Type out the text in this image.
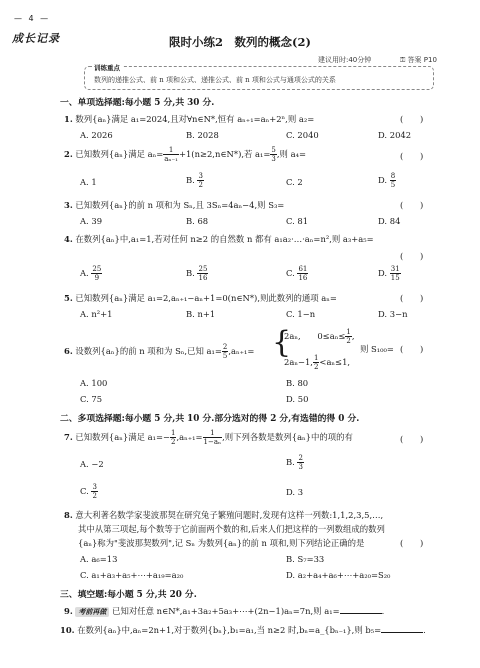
— 4 —
成长记录	限时小练2　数列的概念(2)
建议用时:40分钟	⚿ 答案 P10
训练重点
数列的递推公式、前 n 项和公式、递推公式、前 n 项和公式与通项公式的关系
一、单项选择题:每小题 5 分,共 30 分.
1. 数列{aₙ}满足 a₁=2024,且对∀n∈N*,恒有 aₙ₊₁=aₙ+2ⁿ,则 a₂=	(　　)
A. 2026	B. 2028	C. 2040	D. 2042
2. 已知数列{aₙ}满足 $a_n= \frac{1}{\text{aₙ₋₁}}$ +1(n≥2,n∈N*),若 $a_1= \frac{5}{3}$ ,则 a₄=	(　　)
A. 1	B. $\frac{3}{2}$	C. 2	D. $\frac{8}{5}$
3. 已知数列{aₙ}的前 n 项和为 Sₙ,且 3Sₙ=4aₙ−4,则 S₃=	(　　)
A. 39	B. 68	C. 81	D. 84
4. 在数列{aₙ}中,a₁=1,若对任何 n≥2 的自然数 n 都有 a₁a₂·…·aₙ=n²,则 a₃+a₅=
(　　)
A. $\frac{25}{9}$	B. $\frac{25}{16}$	C. $\frac{61}{16}$	D. $\frac{31}{15}$
5. 已知数列{aₙ}满足 a₁=2,aₙ₊₁−aₙ+1=0(n∈N*),则此数列的通项 aₙ=	(　　)
A. n²+1	B. n+1	C. 1−n	D. 3−n
6. 设数列{aₙ}的前 n 项和为 Sₙ,已知 $a_1= \frac{2}{5} ,a_{n+1}=$ {
2aₙ,　　$0\le a_n\le \frac{1}{2}$ ,
2aₙ−1, $\frac{1}{2} <a_n\le 1$,
则 S₁₀₀= (　　)
A. 100	B. 80
C. 75	D. 50
二、多项选择题:每小题 5 分,共 10 分.部分选对的得 2 分,有选错的得 0 分.
7. 已知数列{aₙ}满足 $a_1=- \frac{1}{2} ,a_{n+1}= \frac{1}{\text{1−aₙ}}$ ,则下列各数是数列{aₙ}中的项的有	(　　)
A. −2	B. $\frac{2}{3}$
C. $\frac{3}{2}$	D. 3
8. 意大利著名数学家斐波那契在研究兔子繁殖问题时,发现有这样一列数:1,1,2,3,5,…,
其中从第三项起,每个数等于它前面两个数的和,后来人们把这样的一列数组成的数列
{aₙ}称为"斐波那契数列",记 Sₙ 为数列{aₙ}的前 n 项和,则下列结论正确的是	(　　)
A. a₆=13	B. S₇=33
C. a₁+a₃+a₅+⋯+a₁₉=a₂₀	D. a₂+a₄+a₆+⋯+a₂₀=S₂₀
三、填空题:每小题 5 分,共 20 分.
9. 考前再做 已知对任意 n∈N*,a₁+3a₂+5a₃+⋯+(2n−1)aₙ=7n,则 a₁=	.
10. 在数列{aₙ}中,aₙ=2n+1,对于数列{bₙ},b₁=a₁,当 n≥2 时,bₙ=a_{bₙ₋₁},则 b₅=	.
